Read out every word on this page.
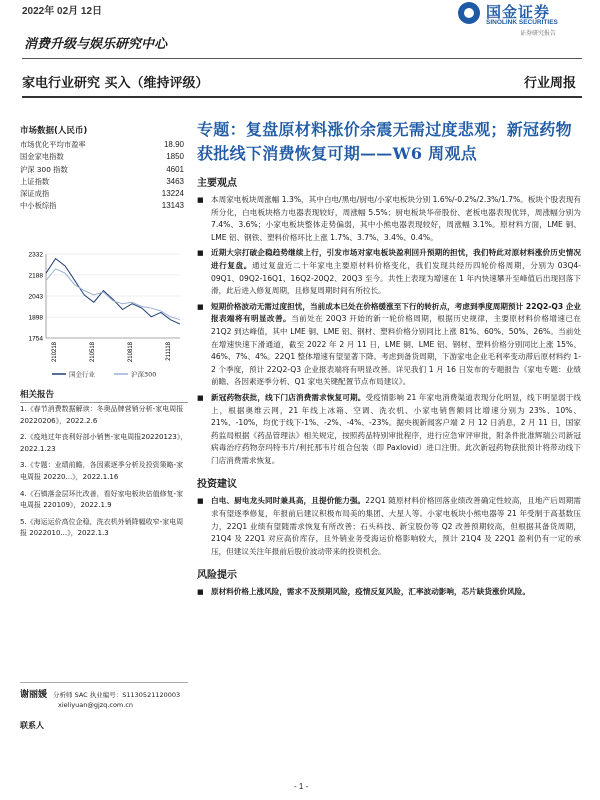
2022年 02月 12日	国金证券
SINOLINK SECURITIES
证券研究报告
消费升级与娱乐研究中心
家电行业研究 买入（维持评级）	行业周报
市场数据(人民币)
市场优化平均市盈率	18.90
国金家电指数	1850
沪深 300 指数	4601
上证指数	3463
深证成指	13224
中小板综指	13143
2332
2188
2043
1898
1754
210218	210518	210818	211118
国金行业	沪深300
相关报告
1.《春节消费数据解读：冬奥品牌营销分析-家电周报 20220206》，2022.2.6
2.《疫地过年丧利好部小销售-家电周报20220123》，2022.1.23
3.《专题：业绩前瞻，各因素逐季分析及投资策略-家电周报 20220...》，2022.1.16
4.《石镇落金层环比改善，看好家电板块估值修复-家电周报 220109》，2022.1.9
5.《海运运价高位企稳，洗衣机外销降幅收窄-家电周报 2022010...》，2022.1.3
谢丽媛 分析师 SAC 执业编号：S1130521120003
xieliyuan@gjzq.com.cn
联系人
专题：复盘原材料涨价余震无需过度悲观；新冠药物获批线下消费恢复可期——W6 周观点
主要观点
■ 本周家电板块周涨幅 1.3%，其中白电/黑电/厨电/小家电板块分别 1.6%/-0.2%/2.3%/1.7%。板块个股表现有所分化，白电板块格力电器表现较好，周涨幅 5.5%；厨电板块华帝股份、老板电器表现优异，周涨幅分别为 7.4%、3.6%；小家电板块整体走势偏弱，其中小熊电器表现较好，周涨幅 3.1%。原材料方面，LME 铜、LME 铝、钢铁、塑料价格环比上涨 1.7%、3.7%、3.4%、0.4%。
■ 近期大宗打破企稳趋势继续上行，引发市场对家电板块盈利回升预期的担忧，我们特此对原材料涨价历史情况进行复盘。通过复盘近二十年家电主要原材料价格变化，我们发现共经历四轮价格周期，分别为 03Q4-09Q1、09Q2-16Q1、16Q2-20Q2、20Q3 至今。共性上表现为增速在 1 年内快速攀升至峰值后出现回落下滑，此后进入修复周期，且修复周期时间有所拉长。
■ 短期价格波动无需过度担忧，当前成本已处在价格缓涨至下行的转折点，考虑到季度周期预计 22Q2-Q3 企业报表端将有明显改善。当前处在 20Q3 开始的新一轮价格周期，根据历史规律，主要原材料价格增速已在 21Q2 到达峰值，其中 LME 铜、LME 铝、钢材、塑料价格分别同比上涨 81%、60%、50%、26%。当前处在增速快速下滑通道，截至 2022 年 2 月 11 日，LME 铜、LME 铝、钢材、塑料价格分别同比上涨 15%、46%、7%、4%。22Q1 整体增速有望显著下降。考虑到备货周期，下游家电企业毛利率变动滞后原材料约 1-2 个季度，预计 22Q2-Q3 企业报表端将有明显改善。详见我们 1 月 16 日发布的专题报告《家电专题：业绩前瞻、各因素逐季分析、Q1 家电关键配置节点布局建议》。
■ 新冠药物获批，线下门店消费需求恢复可期。受疫情影响 21 年家电消费渠道表现分化明显，线下明显弱于线上，根据奥维云网，21 年线上冰箱、空调、洗衣机、小家电销售额同比增速分别为 23%、10%、21%、-10%，均优于线下-1%、-2%、-4%、-23%。据央视新闻客户端 2 月 12 日消息，2 月 11 日，国家药监局根据《药品管理法》相关规定，按照药品特别审批程序，进行应急审评审批，附条件批准辉瑞公司新冠病毒治疗药物奈玛特韦片/利托那韦片组合包装（即 Paxlovid）进口注册。此次新冠药物获批预计将带动线下门店消费需求恢复。
投资建议
■ 白电、厨电龙头同时兼具高，且提价能力强。22Q1 随原材料价格回落业绩改善确定性较高，且地产后周期需求有望逐季修复，年报前后建议积极布局美的集团、大星人等。小家电板块小熊电器等 21 年受制于高基数压力，22Q1 业绩有望随需求恢复有所改善；石头科技、新宝股份等 Q2 改善预期较高，但根据其备货周期，21Q4 及 22Q1 对应高价库存，且外销业务受海运价格影响较大，预计 21Q4 及 22Q1 盈利仍有一定的承压，但建议关注年报前后股价波动带来的投资机会。
风险提示
■ 原材料价格上涨风险，需求不及预期风险，疫情反复风险，汇率波动影响，芯片缺货涨价风险。
- 1 -
